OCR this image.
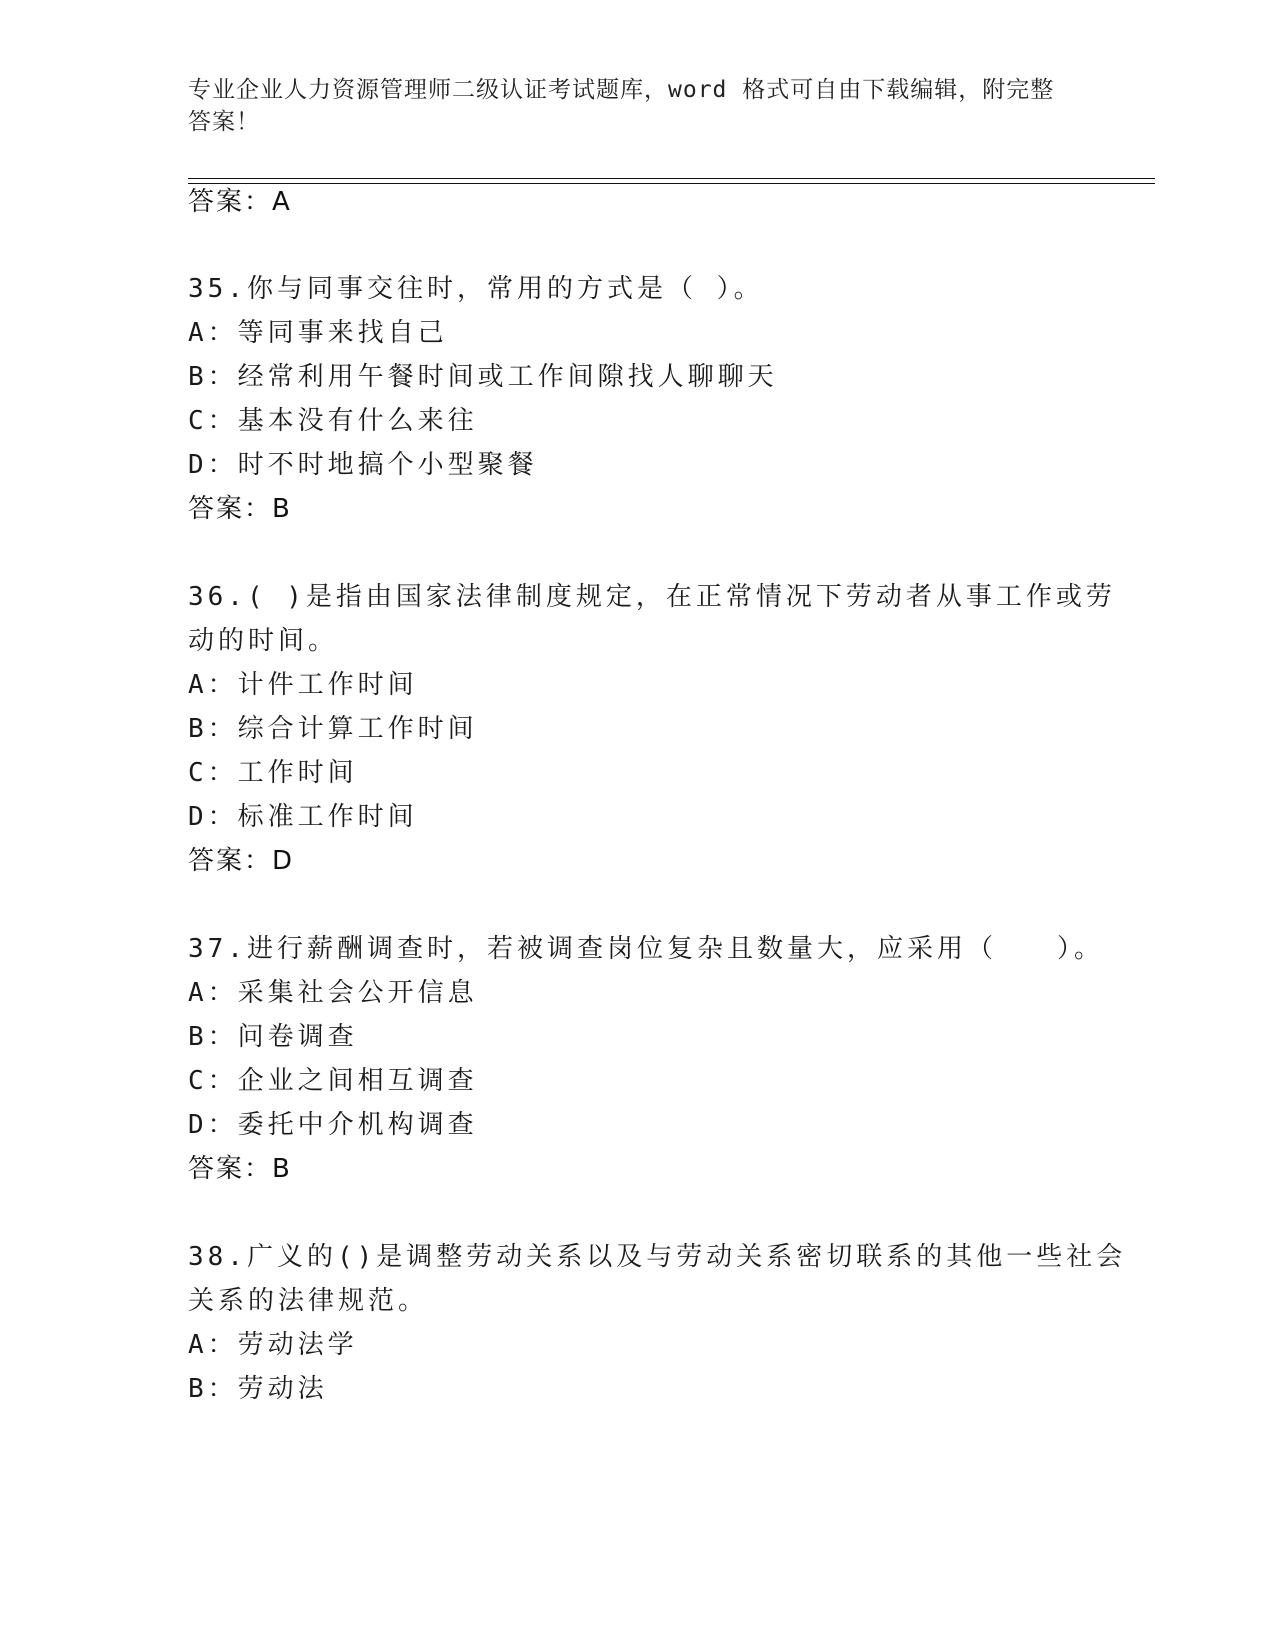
专业企业人力资源管理师二级认证考试题库，word 格式可自由下载编辑，附完整
答案！
答案：A
35.你与同事交往时，常用的方式是（ ）。
A：等同事来找自己
B：经常利用午餐时间或工作间隙找人聊聊天
C：基本没有什么来往
D：时不时地搞个小型聚餐
答案：B
36.( )是指由国家法律制度规定，在正常情况下劳动者从事工作或劳
动的时间。
A：计件工作时间
B：综合计算工作时间
C：工作时间
D：标准工作时间
答案：D
37.进行薪酬调查时，若被调查岗位复杂且数量大，应采用（　　）。
A：采集社会公开信息
B：问卷调查
C：企业之间相互调查
D：委托中介机构调查
答案：B
38.广义的()是调整劳动关系以及与劳动关系密切联系的其他一些社会
关系的法律规范。
A：劳动法学
B：劳动法
